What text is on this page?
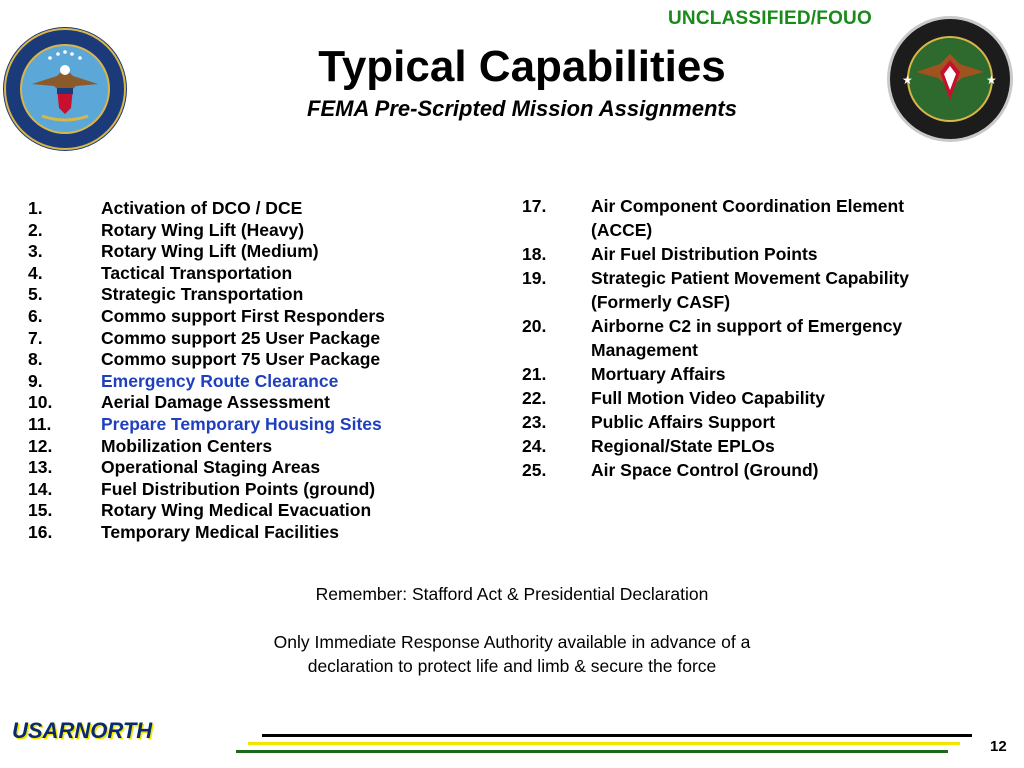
UNCLASSIFIED/FOUO
★	★
Typical Capabilities
FEMA Pre-Scripted Mission Assignments
1.	Activation of DCO / DCE
2.	Rotary Wing Lift (Heavy)
3.	Rotary Wing Lift (Medium)
4.	Tactical Transportation
5.	Strategic Transportation
6.	Commo support First Responders
7.	Commo support 25 User Package
8.	Commo support 75 User Package
9.	Emergency Route Clearance
10.	Aerial Damage Assessment
11.	Prepare Temporary Housing Sites
12.	Mobilization Centers
13.	Operational Staging Areas
14.	Fuel Distribution Points (ground)
15.	Rotary Wing Medical Evacuation
16.	Temporary Medical Facilities
17.	Air Component Coordination Element
(ACCE)
18.	Air Fuel Distribution Points
19.	Strategic Patient Movement Capability
(Formerly CASF)
20.	Airborne C2 in support of Emergency
Management
21.	Mortuary Affairs
22.	Full Motion Video Capability
23.	Public Affairs Support
24.	Regional/State EPLOs
25.	Air Space Control (Ground)
Remember: Stafford Act & Presidential Declaration
Only Immediate Response Authority available in advance of a
declaration to protect life and limb & secure the force
USARNORTH
12
